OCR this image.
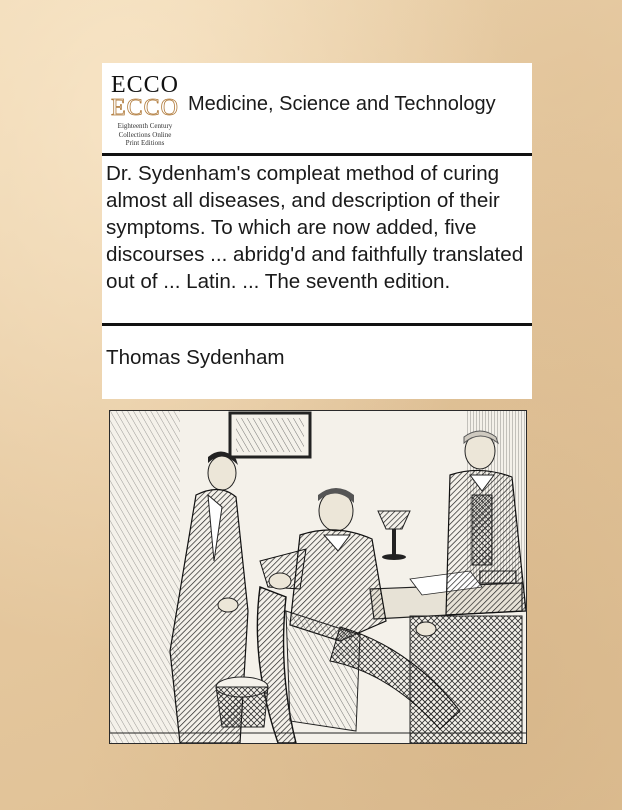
ECCO
ECCO
Eighteenth Century
Collections Online
Print Editions
Medicine, Science and Technology

Dr. Sydenham's compleat method of curing almost all diseases, and description of their symptoms. To which are now added, five discourses ... abridg'd and faithfully translated out of ... Latin. ... The seventh edition.

Thomas Sydenham
